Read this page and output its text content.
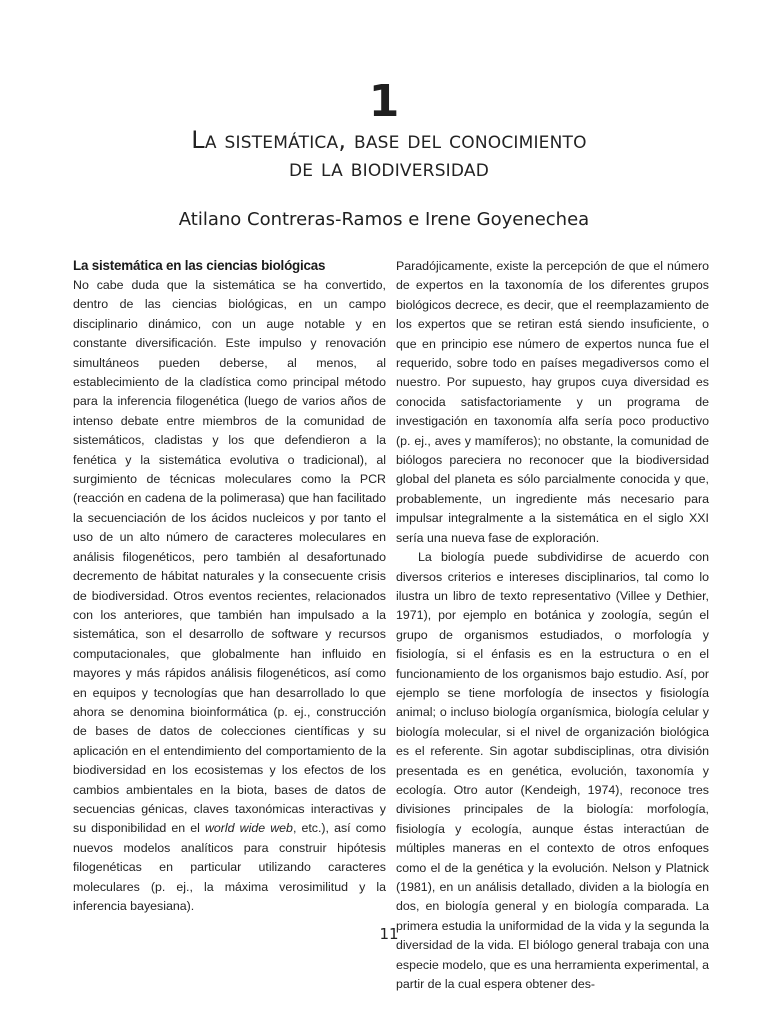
1
La sistemática, base del conocimiento
de la biodiversidad
Atilano Contreras-Ramos e Irene Goyenechea
La sistemática en las ciencias biológicas

No cabe duda que la sistemática se ha convertido, dentro de las ciencias biológicas, en un campo disciplinario dinámico, con un auge notable y en constante diversificación. Este impulso y renovación simultáneos pueden deberse, al menos, al establecimiento de la cladística como principal método para la inferencia filogenética (luego de varios años de intenso debate entre miembros de la comunidad de sistemáticos, cladistas y los que defendieron a la fenética y la sistemática evolutiva o tradicional), al surgimiento de técnicas moleculares como la PCR (reacción en cadena de la polimerasa) que han facilitado la secuenciación de los ácidos nucleicos y por tanto el uso de un alto número de caracteres moleculares en análisis filogenéticos, pero también al desafortunado decremento de hábitat naturales y la consecuente crisis de biodiversidad. Otros eventos recientes, relacionados con los anteriores, que también han impulsado a la sistemática, son el desarrollo de software y recursos computacionales, que globalmente han influido en mayores y más rápidos análisis filogenéticos, así como en equipos y tecnologías que han desarrollado lo que ahora se denomina bioinformática (p. ej., construcción de bases de datos de colecciones científicas y su aplicación en el entendimiento del comportamiento de la biodiversidad en los ecosistemas y los efectos de los cambios ambientales en la biota, bases de datos de secuencias génicas, claves taxonómicas interactivas y su disponibilidad en el world wide web, etc.), así como nuevos modelos analíticos para construir hipótesis filogenéticas en particular utilizando caracteres moleculares (p. ej., la máxima verosimilitud y la inferencia bayesiana).

Paradójicamente, existe la percepción de que el número de expertos en la taxonomía de los diferentes grupos biológicos decrece, es decir, que el reemplazamiento de los expertos que se retiran está siendo insuficiente, o que en principio ese número de expertos nunca fue el requerido, sobre todo en países megadiversos como el nuestro. Por supuesto, hay grupos cuya diversidad es conocida satisfactoriamente y un programa de investigación en taxonomía alfa sería poco productivo (p. ej., aves y mamíferos); no obstante, la comunidad de biólogos pareciera no reconocer que la biodiversidad global del planeta es sólo parcialmente conocida y que, probablemente, un ingrediente más necesario para impulsar integralmente a la sistemática en el siglo XXI sería una nueva fase de exploración.

La biología puede subdividirse de acuerdo con diversos criterios e intereses disciplinarios, tal como lo ilustra un libro de texto representativo (Villee y Dethier, 1971), por ejemplo en botánica y zoología, según el grupo de organismos estudiados, o morfología y fisiología, si el énfasis es en la estructura o en el funcionamiento de los organismos bajo estudio. Así, por ejemplo se tiene morfología de insectos y fisiología animal; o incluso biología organísmica, biología celular y biología molecular, si el nivel de organización biológica es el referente. Sin agotar subdisciplinas, otra división presentada es en genética, evolución, taxonomía y ecología. Otro autor (Kendeigh, 1974), reconoce tres divisiones principales de la biología: morfología, fisiología y ecología, aunque éstas interactúan de múltiples maneras en el contexto de otros enfoques como el de la genética y la evolución. Nelson y Platnick (1981), en un análisis detallado, dividen a la biología en dos, en biología general y en biología comparada. La primera estudia la uniformidad de la vida y la segunda la diversidad de la vida. El biólogo general trabaja con una especie modelo, que es una herramienta experimental, a partir de la cual espera obtener des-

11
